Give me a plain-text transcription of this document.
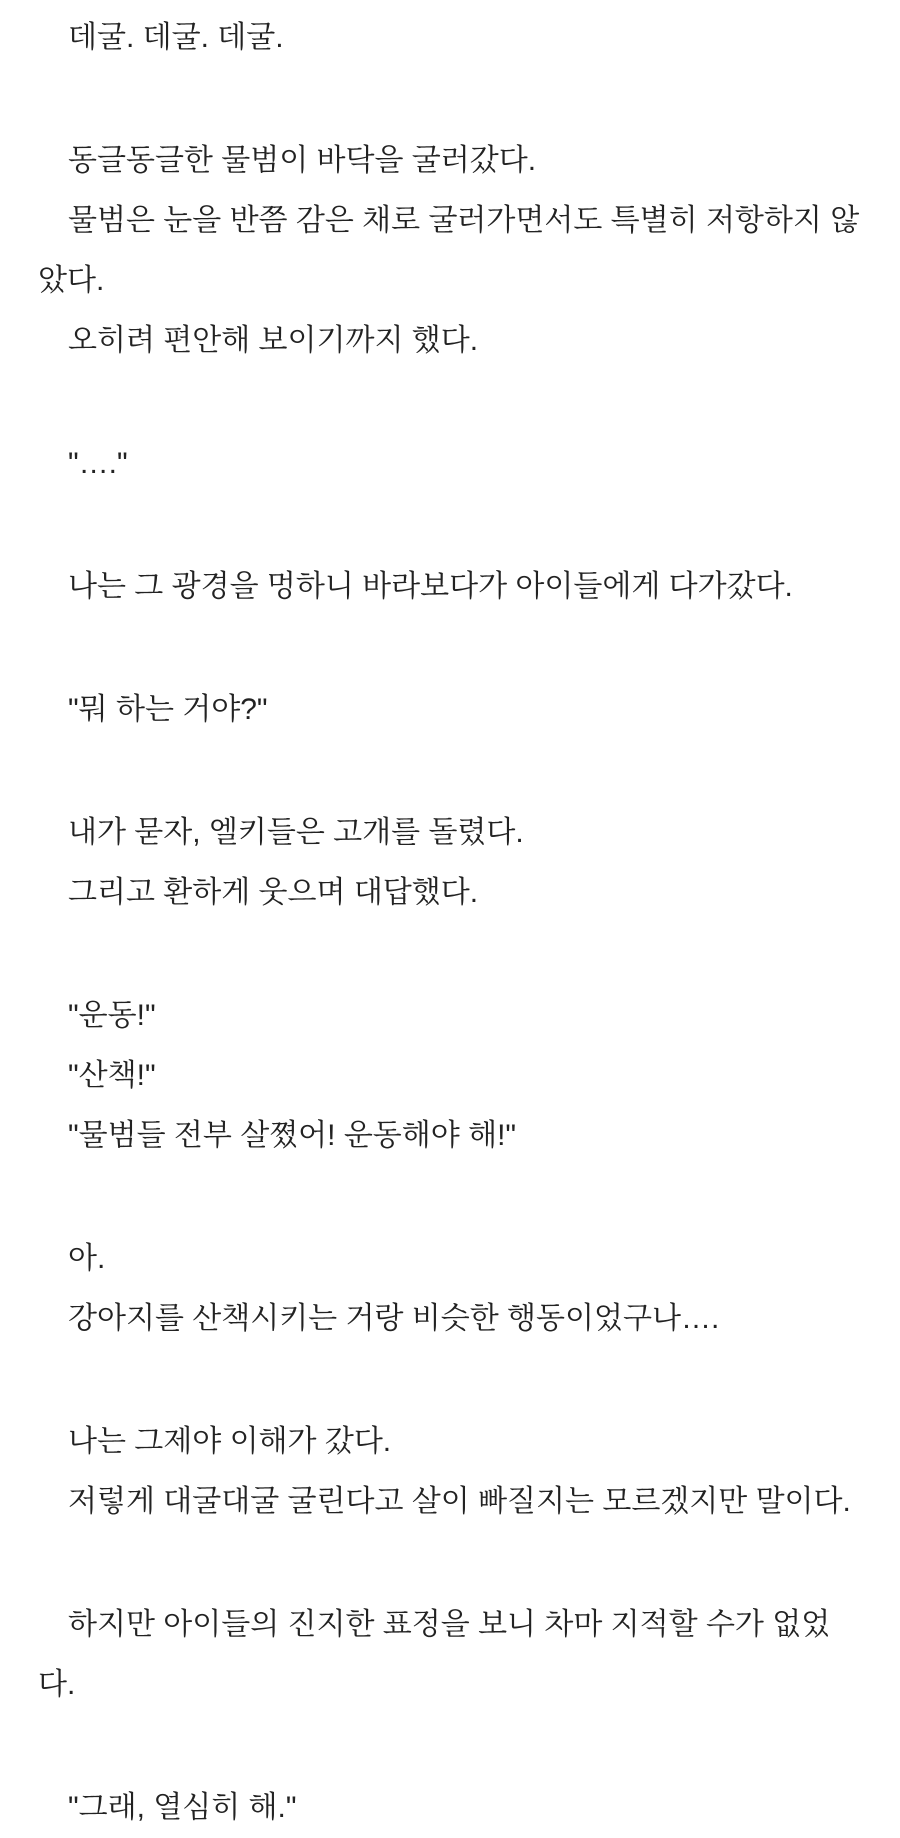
데굴. 데굴. 데굴.

동글동글한 물범이 바닥을 굴러갔다.

물범은 눈을 반쯤 감은 채로 굴러가면서도 특별히 저항하지 않았다.

오히려 편안해 보이기까지 했다.

"…."

나는 그 광경을 멍하니 바라보다가 아이들에게 다가갔다.

"뭐 하는 거야?"

내가 묻자, 엘키들은 고개를 돌렸다.

그리고 환하게 웃으며 대답했다.

"운동!"

"산책!"

"물범들 전부 살쪘어! 운동해야 해!"

아.

강아지를 산책시키는 거랑 비슷한 행동이었구나….

나는 그제야 이해가 갔다.

저렇게 대굴대굴 굴린다고 살이 빠질지는 모르겠지만 말이다.

하지만 아이들의 진지한 표정을 보니 차마 지적할 수가 없었다.

"그래, 열심히 해."
